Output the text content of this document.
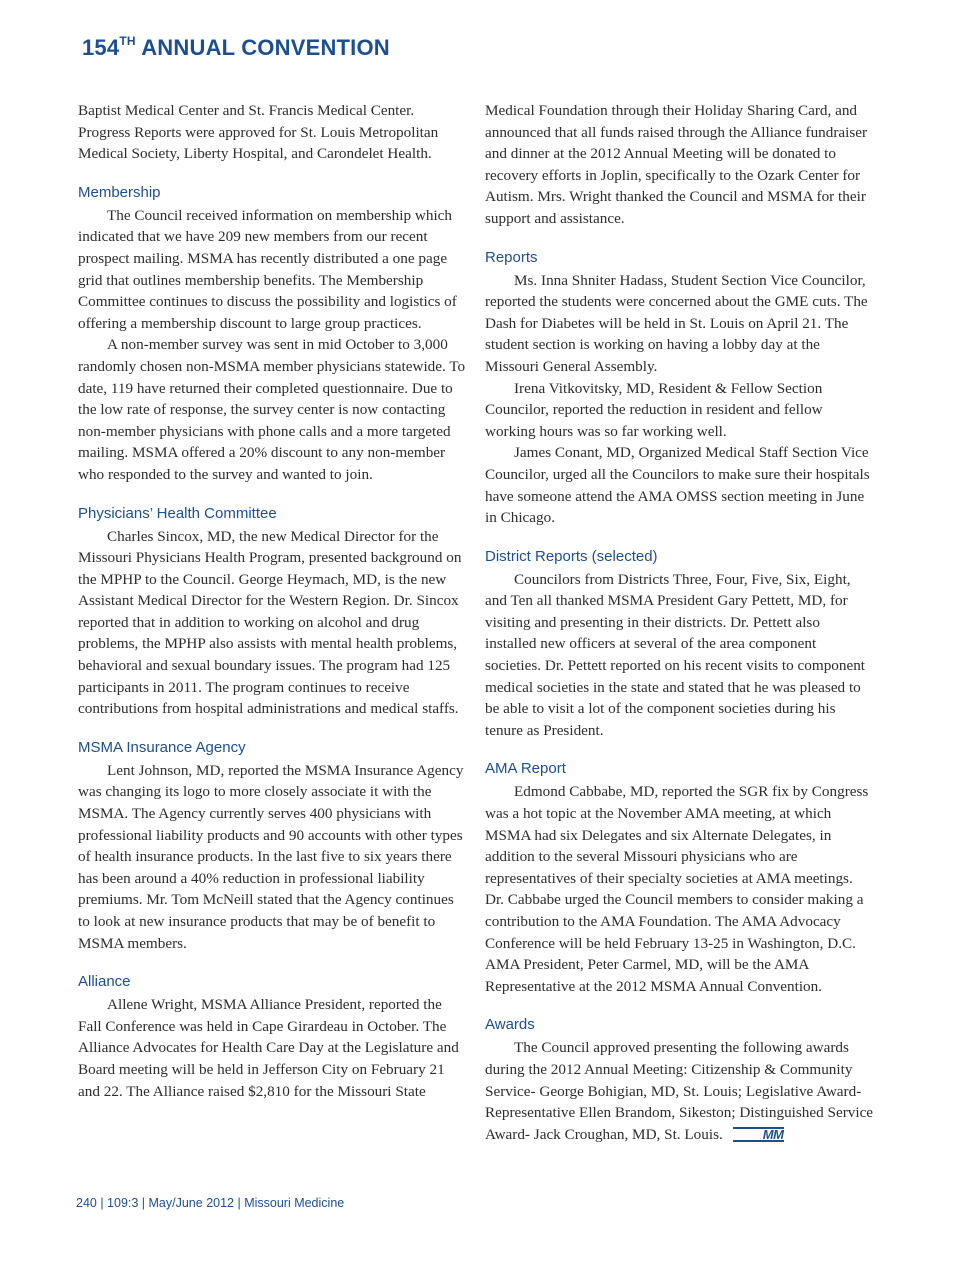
154TH ANNUAL CONVENTION

Baptist Medical Center and St. Francis Medical Center. Progress Reports were approved for St. Louis Metropolitan Medical Society, Liberty Hospital, and Carondelet Health.

Membership

The Council received information on membership which indicated that we have 209 new members from our recent prospect mailing. MSMA has recently distributed a one page grid that outlines membership benefits. The Membership Committee continues to discuss the possibility and logistics of offering a membership discount to large group practices.

A non-member survey was sent in mid October to 3,000 randomly chosen non-MSMA member physicians statewide. To date, 119 have returned their completed questionnaire. Due to the low rate of response, the survey center is now contacting non-member physicians with phone calls and a more targeted mailing. MSMA offered a 20% discount to any non-member who responded to the survey and wanted to join.

Physicians’ Health Committee

Charles Sincox, MD, the new Medical Director for the Missouri Physicians Health Program, presented background on the MPHP to the Council. George Heymach, MD, is the new Assistant Medical Director for the Western Region. Dr. Sincox reported that in addition to working on alcohol and drug problems, the MPHP also assists with mental health problems, behavioral and sexual boundary issues. The program had 125 participants in 2011. The program continues to receive contributions from hospital administrations and medical staffs.

MSMA Insurance Agency

Lent Johnson, MD, reported the MSMA Insurance Agency was changing its logo to more closely associate it with the MSMA. The Agency currently serves 400 physicians with professional liability products and 90 accounts with other types of health insurance products. In the last five to six years there has been around a 40% reduction in professional liability premiums. Mr. Tom McNeill stated that the Agency continues to look at new insurance products that may be of benefit to MSMA members.

Alliance

Allene Wright, MSMA Alliance President, reported the Fall Conference was held in Cape Girardeau in October. The Alliance Advocates for Health Care Day at the Legislature and Board meeting will be held in Jefferson City on February 21 and 22. The Alliance raised $2,810 for the Missouri State

Medical Foundation through their Holiday Sharing Card, and announced that all funds raised through the Alliance fundraiser and dinner at the 2012 Annual Meeting will be donated to recovery efforts in Joplin, specifically to the Ozark Center for Autism. Mrs. Wright thanked the Council and MSMA for their support and assistance.

Reports

Ms. Inna Shniter Hadass, Student Section Vice Councilor, reported the students were concerned about the GME cuts. The Dash for Diabetes will be held in St. Louis on April 21. The student section is working on having a lobby day at the Missouri General Assembly.

Irena Vitkovitsky, MD, Resident & Fellow Section Councilor, reported the reduction in resident and fellow working hours was so far working well.

James Conant, MD, Organized Medical Staff Section Vice Councilor, urged all the Councilors to make sure their hospitals have someone attend the AMA OMSS section meeting in June in Chicago.

District Reports (selected)

Councilors from Districts Three, Four, Five, Six, Eight, and Ten all thanked MSMA President Gary Pettett, MD, for visiting and presenting in their districts. Dr. Pettett also installed new officers at several of the area component societies. Dr. Pettett reported on his recent visits to component medical societies in the state and stated that he was pleased to be able to visit a lot of the component societies during his tenure as President.

AMA Report

Edmond Cabbabe, MD, reported the SGR fix by Congress was a hot topic at the November AMA meeting, at which MSMA had six Delegates and six Alternate Delegates, in addition to the several Missouri physicians who are representatives of their specialty societies at AMA meetings. Dr. Cabbabe urged the Council members to consider making a contribution to the AMA Foundation. The AMA Advocacy Conference will be held February 13-25 in Washington, D.C. AMA President, Peter Carmel, MD, will be the AMA Representative at the 2012 MSMA Annual Convention.

Awards

The Council approved presenting the following awards during the 2012 Annual Meeting: Citizenship & Community Service- George Bohigian, MD, St. Louis; Legislative Award- Representative Ellen Brandom, Sikeston; Distinguished Service Award- Jack Croughan, MD, St. Louis.	MM

240 | 109:3 | May/June 2012 | Missouri Medicine
